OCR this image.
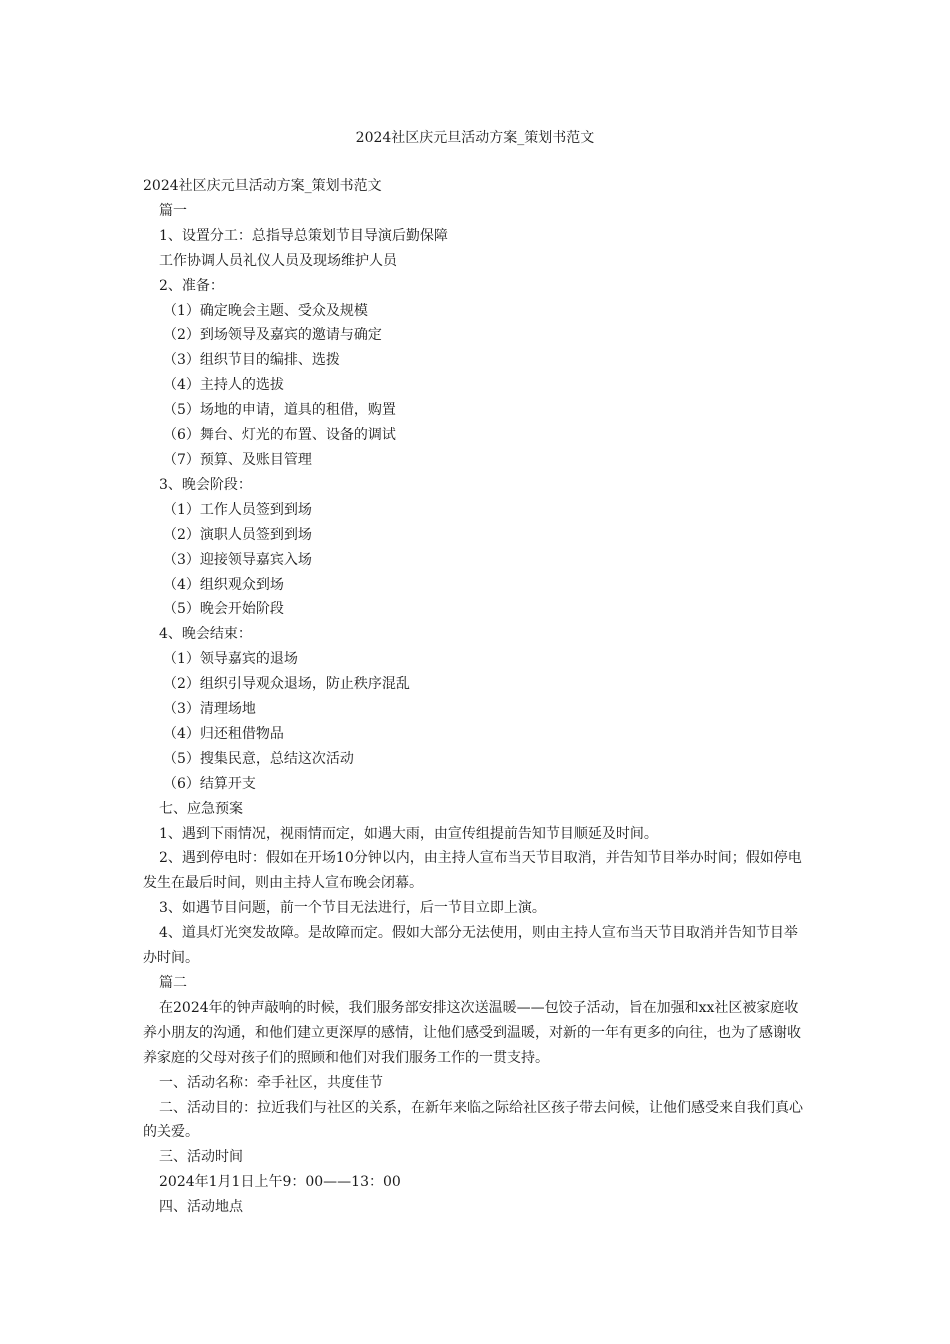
2024社区庆元旦活动方案_策划书范文

2024社区庆元旦活动方案_策划书范文

篇一

1、设置分工：总指导总策划节目导演后勤保障

工作协调人员礼仪人员及现场维护人员

2、准备：

（1）确定晚会主题、受众及规模

（2）到场领导及嘉宾的邀请与确定

（3）组织节目的编排、选拨

（4）主持人的选拔

（5）场地的申请，道具的租借，购置

（6）舞台、灯光的布置、设备的调试

（7）预算、及账目管理

3、晚会阶段：

（1）工作人员签到到场

（2）演职人员签到到场

（3）迎接领导嘉宾入场

（4）组织观众到场

（5）晚会开始阶段

4、晚会结束：

（1）领导嘉宾的退场

（2）组织引导观众退场，防止秩序混乱

（3）清理场地

（4）归还租借物品

（5）搜集民意，总结这次活动

（6）结算开支

七、应急预案

1、遇到下雨情况，视雨情而定，如遇大雨，由宣传组提前告知节目顺延及时间。

2、遇到停电时：假如在开场10分钟以内，由主持人宣布当天节目取消，并告知节目举办时间；假如停电发生在最后时间，则由主持人宣布晚会闭幕。

3、如遇节目问题，前一个节目无法进行，后一节目立即上演。

4、道具灯光突发故障。是故障而定。假如大部分无法使用，则由主持人宣布当天节目取消并告知节目举办时间。

篇二

在2024年的钟声敲响的时候，我们服务部安排这次送温暖——包饺子活动，旨在加强和xx社区被家庭收养小朋友的沟通，和他们建立更深厚的感情，让他们感受到温暖，对新的一年有更多的向往，也为了感谢收养家庭的父母对孩子们的照顾和他们对我们服务工作的一贯支持。

一、活动名称：牵手社区，共度佳节

二、活动目的：拉近我们与社区的关系，在新年来临之际给社区孩子带去问候，让他们感受来自我们真心的关爱。

三、活动时间

2024年1月1日上午9：00——13：00

四、活动地点
